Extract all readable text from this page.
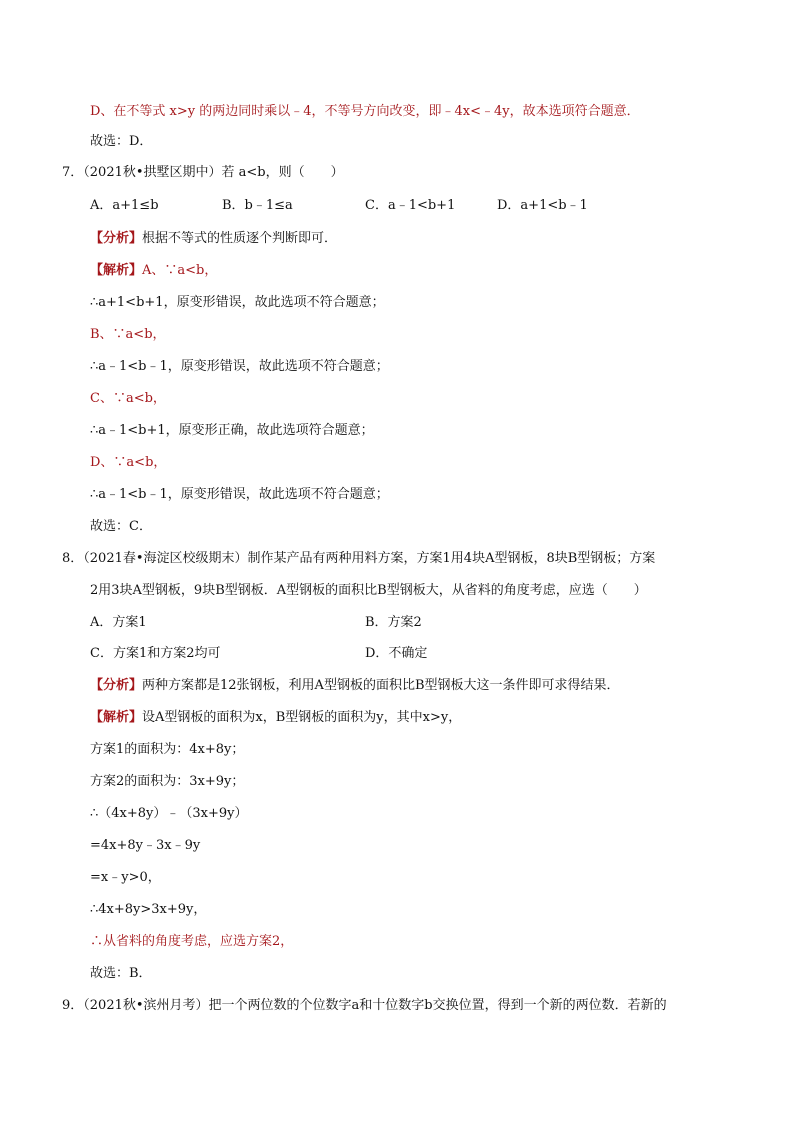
D、在不等式 x>y 的两边同时乘以﹣4，不等号方向改变，即﹣4x<﹣4y，故本选项符合题意．
故选：D．
7．（2021秋•拱墅区期中）若 a<b，则（　　）
A．a+1≤b	B．b﹣1≤a	C．a﹣1<b+1	D．a+1<b﹣1
【分析】根据不等式的性质逐个判断即可．
【解析】A、∵a<b，
∴a+1<b+1，原变形错误，故此选项不符合题意；
B、∵a<b，
∴a﹣1<b﹣1，原变形错误，故此选项不符合题意；
C、∵a<b，
∴a﹣1<b+1，原变形正确，故此选项符合题意；
D、∵a<b，
∴a﹣1<b﹣1，原变形错误，故此选项不符合题意；
故选：C．
8．（2021春•海淀区校级期末）制作某产品有两种用料方案，方案1用4块A型钢板，8块B型钢板；方案
2用3块A型钢板，9块B型钢板．A型钢板的面积比B型钢板大，从省料的角度考虑，应选（　　）
A．方案1	B．方案2
C．方案1和方案2均可	D．不确定
【分析】两种方案都是12张钢板，利用A型钢板的面积比B型钢板大这一条件即可求得结果．
【解析】设A型钢板的面积为x，B型钢板的面积为y，其中x>y，
方案1的面积为：4x+8y；
方案2的面积为：3x+9y；
∴（4x+8y）﹣（3x+9y）
=4x+8y﹣3x﹣9y
=x﹣y>0，
∴4x+8y>3x+9y，
∴从省料的角度考虑，应选方案2，
故选：B．
9．（2021秋•滨州月考）把一个两位数的个位数字a和十位数字b交换位置，得到一个新的两位数．若新的
